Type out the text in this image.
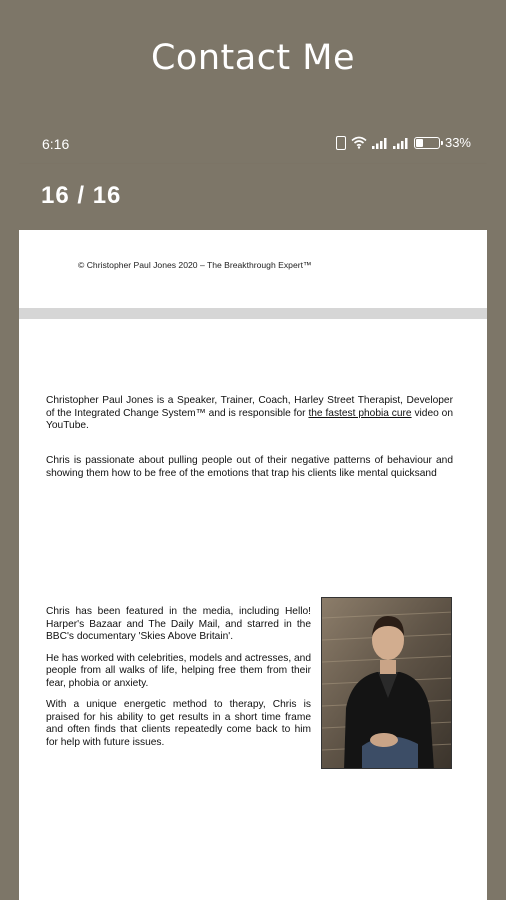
Contact Me
6:16	33%
16 / 16
© Christopher Paul Jones 2020 – The Breakthrough Expert™

Christopher Paul Jones is a Speaker, Trainer, Coach, Harley Street Therapist, Developer of the Integrated Change System™ and is responsible for the fastest phobia cure video on YouTube.

Chris is passionate about pulling people out of their negative patterns of behaviour and showing them how to be free of the emotions that trap his clients like mental quicksand

Chris has been featured in the media, including Hello! Harper's Bazaar and The Daily Mail, and starred in the BBC's documentary 'Skies Above Britain'.

He has worked with celebrities, models and actresses, and people from all walks of life, helping free them from their fear, phobia or anxiety.

With a unique energetic method to therapy, Chris is praised for his ability to get results in a short time frame and often finds that clients repeatedly come back to him for help with future issues.
